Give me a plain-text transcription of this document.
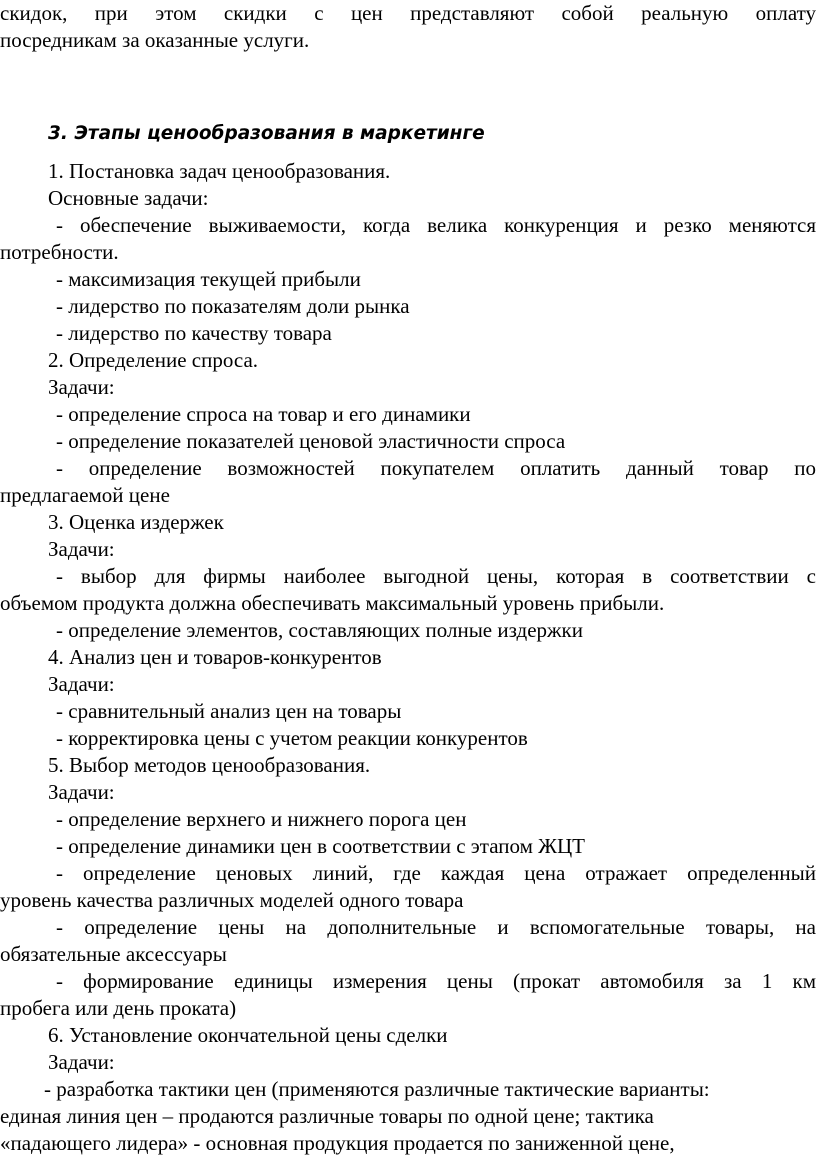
скидок, при этом скидки с цен представляют собой реальную оплату
посредникам за оказанные услуги.
3. Этапы ценообразования в маркетинге
1. Постановка задач ценообразования.
Основные задачи:
- обеспечение выживаемости, когда велика конкуренция и резко меняются
потребности.
- максимизация текущей прибыли
- лидерство по показателям доли рынка
- лидерство по качеству товара
2. Определение спроса.
Задачи:
- определение спроса на товар и его динамики
- определение показателей ценовой эластичности спроса
- определение возможностей покупателем оплатить данный товар по
предлагаемой цене
3. Оценка издержек
Задачи:
- выбор для фирмы наиболее выгодной цены, которая в соответствии с
объемом продукта должна обеспечивать максимальный уровень прибыли.
- определение элементов, составляющих полные издержки
4. Анализ цен и товаров-конкурентов
Задачи:
- сравнительный анализ цен на товары
- корректировка цены с учетом реакции конкурентов
5. Выбор методов ценообразования.
Задачи:
- определение верхнего и нижнего порога цен
- определение динамики цен в соответствии с этапом ЖЦТ
- определение ценовых линий, где каждая цена отражает определенный
уровень качества различных моделей одного товара
- определение цены на дополнительные и вспомогательные товары, на
обязательные аксессуары
- формирование единицы измерения цены (прокат автомобиля за 1 км
пробега или день проката)
6. Установление окончательной цены сделки
Задачи:
- разработка тактики цен (применяются различные тактические варианты:
единая линия цен – продаются различные товары по одной цене; тактика
«падающего лидера» - основная продукция продается по заниженной цене,
